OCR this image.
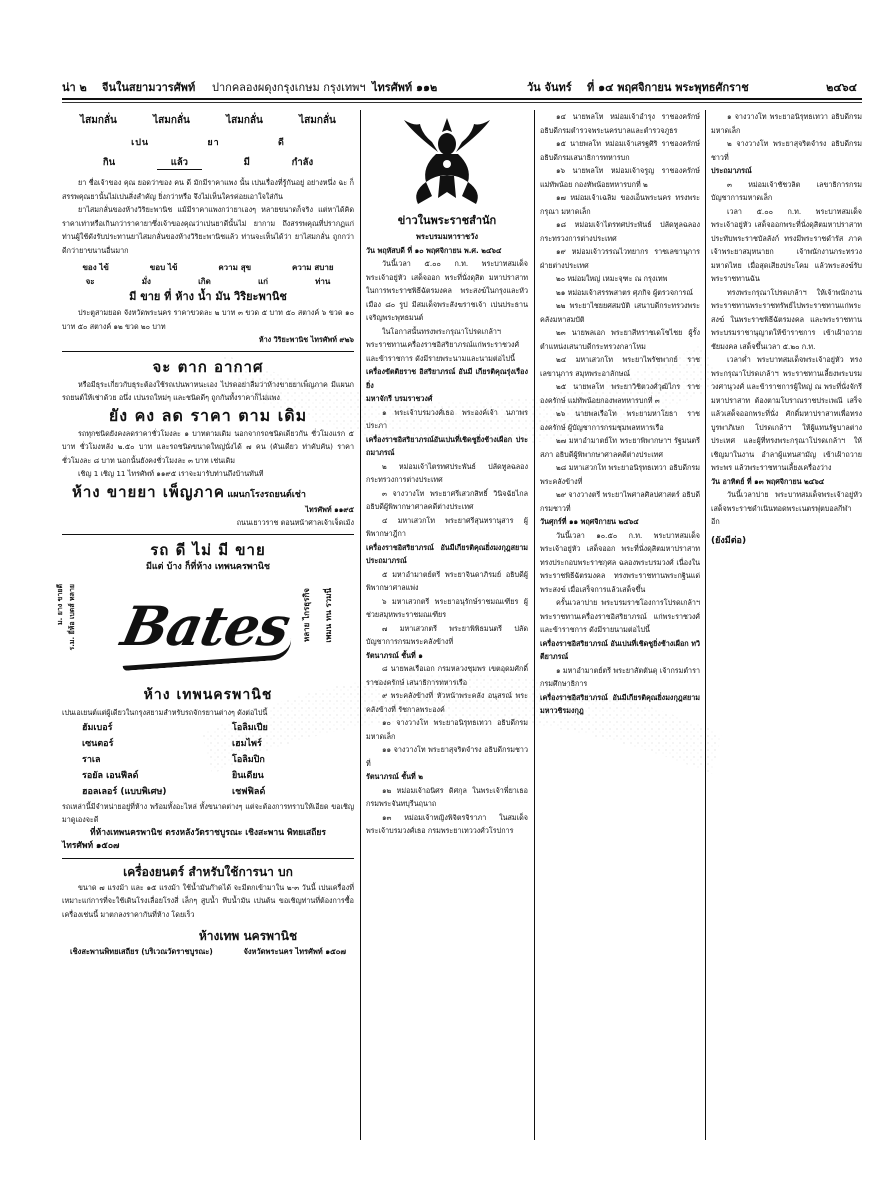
น่า ๒	จีนในสยามวารศัพท์	ปากคลองผดุงกรุงเกษม กรุงเทพฯ ไทรศัพท์ ๑๑๒	วัน จันทร์	ที่ ๑๔ พฤศจิกายน พระพุทธศักราช	๒๔๖๔
ไสมกลั่น	ไสมกลั่น	ไสมกลั่น	ไสมกลั่น
เปน	ยา	ดี
กิน	แล้ว	มี	กำลัง

ยา ชื่อเจ้าของ คุณ ยอดว่าของ คน ดี มักมีราคาแพง นั้น เปนเรื่องที่รู้กันอยู่ อย่างหนึ่ง ฉะ ก็สรรพคุณยานั้นไม่เปนสิ่งสำคัญ ยิ่งกว่าหรือ จึงไม่เห็นใครค่อยเอาใจใส่กัน

ยาไสมกลั่นของห้างวิริยะพานิช แม้มีราคาแพงกว่ายาเองๆ หลายขนาดก็จริง แต่หาได้คิดราคาเท่าหรือเกินกว่าราคายาซึ่งเจ้าของคุณว่าเปนยาดีนั้นไม่ ยากาม ถึงสรรพคุณที่ปรากฏแก่ท่านผู้ใช้ดังรับประทานยาไสมกลั่นของห้างวิริยะพานิชแล้ว ท่านจะเห็นได้ว่า ยาไสมกลั่น ถูกกว่า ดีกว่ายาขนานอื่นมาก

ของ ไข้	ขอบ ไข้	ความ สุข	ความ สบาย
จะ	มั่ง	เกิด	แก่	ท่าน
มี ขาย ที่ ห้าง น้ำ มัน วิริยะพานิช

ประตูสามยอด จังหวัดพระนคร ราคาขวดละ ๒ บาท ๓ ขวด ๕ บาท ๕๐ สตางค์ ๖ ขวด ๑๐ บาท ๕๐ สตางค์ ๑๒ ขวด ๒๐ บาท

ห้าง วิริยะพานิช ไทรศัพท์ ๙๒๖
จะ ตาก อากาศ

หรือมีธุระเกี่ยวกับธุระต้องใช้รถเปนพาหนะเอง ไปรดอย่าลืมว่าห้างขายยาเพ็ญภาค มีแผนกรถยนต์ให้เช่าด้วย อนึ่ง เปนรถใหม่ๆ และชนิดดีๆ ถูกกันทั้งราคาก็ไม่แพง

ยัง คง ลด ราคา ตาม เดิม

รถทุกชนิดยังคงลดราคาชั่วโมงละ ๑ บาทตามเดิม นอกจากรถชนิดเดียวกัน ชั่วโมงแรก ๕ บาท ชั่วโมงหลัง ๒.๕๐ บาท และรถชนิดขนาดใหญ่นั่งได้ ๗ คน (คันเดียว ท่าคับคัน) ราคาชั่วโมงละ ๘ บาท นอกนั้นยังคงชั่วโมงละ ๓ บาท เช่นเดิม

เชิญ 1 เชิญ 11 ไทรศัพท์ ๑๑๙๕ เราจะมารับท่านถึงบ้านทันที

ห้าง ขายยา เพ็ญภาค แผนกโรงรถยนต์เช่า
ไทรศัพท์ ๑๑๙๕
ถนนเยาวราช ตอนหน้าศาลเจ้าเจ็ดเม้ง
รถ ดี ไม่ มี ขาย
มีแต่ บ้าง ก็ที่ห้าง เทพนครพานิช
ม. ยาง ขายดี ร.ม. ยี่ห้อ เบตส์ หลาย Bates หลาย ไกรธุรกิจ เพมน ทน รวมนี่
ห้าง เทพนครพานิช

เปนเอเยนต์แต่ผู้เดียวในกรุงสยามสำหรับรถจักรยานต่างๆ ดังต่อไปนี้

ฮัมเบอร์	โอลิมเปีย
เซนตอร์	เฮมไพร์
ราเล	โอลิมปิก
รอยัล เอนฟีลด์	ยินเดียน
ฮอลเลอร์ (แบบพิเศษ)	เชฟฟิลด์

รถเหล่านี้มีจำหน่ายอยู่ที่ห้าง พร้อมทั้งอะไหล่ ทั้งขนาดต่างๆ แต่จะต้องการทราบให้เอียด ขอเชิญมาดูเองจะดี

ที่ห้างเทพนครพานิช ตรงหลังวัดราชบูรณะ เชิงสะพาน พิทยเสถียร
ไทรศัพท์ ๑๕๐๗
เครื่องยนตร์ สำหรับใช้การนา บก

ขนาด ๗ แรงม้า และ ๑๕ แรงม้า ใช้น้ำมันก๊าดได้ จะมีตกเข้ามาใน ๒-๓ วันนี้ เปนเครื่องที่เหมาะแก่การที่จะใช้เดินโรงเลื่อยโรงสี่ เล็กๆ สูบน้ำ ทีบน้ำมัน เปนต้น ขอเชิญท่านที่ต้องการซื้อเครื่องเช่นนี้ มาตกลงราคากันที่ห้าง โดยเร็ว

ห้างเทพ นครพานิช
เชิงสะพานพิทยเสถียร (บริเวณวัดราชบูรณะ)	จังหวัดพระนคร ไทรศัพท์ ๑๕๐๗
ข่าวในพระราชสำนัก
พระบรมมหาราชวัง

วัน พฤหัสบดี ที่ ๑๐ พฤศจิกายน พ.ศ. ๒๔๖๔

วันนี้เวลา ๕.๐๐ ก.ท. พระบาทสมเด็จพระเจ้าอยู่หัว เสด็จออก พระที่นั่งดุสิต มหาปราสาท ในการพระราชพิธีฉัตรมงคล พระสงฆ์ในกรุงและหัวเมือง ๘๐ รูป มีสมเด็จพระสังฆราชเจ้า เปนประธานเจริญพระพุทธมนต์

ในโอกาสนั้นทรงพระกรุณาโปรดเกล้าฯ พระราชทานเครื่องราชอิสริยาภรณ์แก่พระราชวงศ์ และข้าราชการ ดังมีรายพระนามและนามต่อไปนี้

เครื่องขัตติยราช อิสริยาภรณ์ อันมี เกียรติคุณรุ่งเรืองยิ่ง

มหาจักรี บรมราชวงศ์

๑ พระเจ้าบรมวงศ์เธอ พระองค์เจ้า นภาพร ประภา

เครื่องราชอิสริยาภรณ์อันเปนที่เชิดชูยิ่งช้างเผือก ประถมาภรณ์

๒ หม่อมเจ้าไตรทศประพันธ์ ปลัดทูลฉลอง กระทรวงการต่างประเทศ

๓ จางวางโท พระยาศรีเสวกสิทธิ์ วินิจฉัยไกล อธิบดีผู้พิพากษาศาลคดีต่างประเทศ

๔ มหาเสวกโท พระยาศรีสุนทรานุสาร ผู้พิพากษาฎีกา

เครื่องราชอิสริยาภรณ์ อันมีเกียรติคุณยิ่งมงกุฎสยาม ประถมาภรณ์

๕ มหาอำมาตย์ตรี พระยาจินดาภิรมย์ อธิบดีผู้พิพากษาศาลแพ่ง

๖ มหาเสวกตรี พระยาอนุรักษ์ราชมณเฑียร ผู้ช่วยสมุหพระราชมณเฑียร

๗ มหาเสวกตรี พระยาพิพิธมนตรี ปลัดบัญชาการกรมพระคลังข้างที่

รัตนาภรณ์ ชั้นที่ ๑

๘ นายพลเรือเอก กรมหลวงชุมพร เขตอุดมศักดิ์ ราชองครักษ์ เสนาธิการทหารเรือ

๙ พระคลังข้างที่ หัวหน้าพระคลัง อนุสรณ์ พระคลังข้างที่ รัชกาลพระองค์

๑๐ จางวางโท พระยาอนิรุทธเทวา อธิบดีกรมมหาดเล็ก

๑๑ จางวางโท พระยาสุจริตจำรง อธิบดีกรมชาวที่

รัตนาภรณ์ ชั้นที่ ๒

๑๒ หม่อมเจ้าอนิศร ดิศกุล ในพระเจ้าพี่ยาเธอ กรมพระจันทบุรีนฤนาถ

๑๓ หม่อมเจ้าหญิงพิจิตรจิราภา ในสมเด็จพระเจ้าบรมวงศ์เธอ กรมพระยาเทววงศ์วโรปการ

๑๔ นายพลโท หม่อมเจ้าอำรุง ราชองครักษ์ อธิบดีกรมตำรวจพระนครบาลและตำรวจภูธร

๑๕ นายพลโท หม่อมเจ้าเสรฐศิริ ราชองครักษ์ อธิบดีกรมเสนาธิการทหารบก

๑๖ นายพลโท หม่อมเจ้าจรูญ ราชองครักษ์ แม่ทัพน้อย กองทัพน้อยทหารบกที่ ๒

๑๗ หม่อมเจ้าเฉลิม ของเอ็นพระนคร ทรงพระกรุณา มหาดเล็ก

๑๘ หม่อมเจ้าไตรทศประพันธ์ ปลัดทูลฉลองกระทรวงการต่างประเทศ

๑๙ หม่อมเจ้าวรรณไวทยากร ราชเลขานุการ ฝ่ายต่างประเทศ

๒๐ หม่อมใหญ่ เหมะจุฑะ ณ กรุงเทพ

๒๑ หม่อมเจ้าสรรพสาตร ศุภกิจ ผู้ตรวจการณ์

๒๒ พระยาไชยยศสมบัติ เสนาบดีกระทรวงพระคลังมหาสมบัติ

๒๓ นายพลเอก พระยาสีหราชเดโชไชย ผู้รั้งตำแหน่งเสนาบดีกระทรวงกลาโหม

๒๔ มหาเสวกโท พระยาไพรัชพากย์ ราชเลขานุการ สมุหพระอาลักษณ์

๒๕ นายพลโท พระยาวิชิตวงศ์วุฒิไกร ราชองครักษ์ แม่ทัพน้อยกองพลทหารบกที่ ๓

๒๖ นายพลเรือโท พระยามหาโยธา ราชองครักษ์ ผู้บัญชาการกรมชุมพลทหารเรือ

๒๗ มหาอำมาตย์โท พระยาพิพากษาฯ รัฐมนตรีสภา อธิบดีผู้พิพากษาศาลคดีต่างประเทศ

๒๘ มหาเสวกโท พระยาอนิรุทธเทวา อธิบดีกรมพระคลังข้างที่

๒๙ จางวางตรี พระยาไพศาลศิลปศาสตร์ อธิบดีกรมชาวที่

วันศุกร์ที่ ๑๑ พฤศจิกายน ๒๔๖๔

วันนี้เวลา ๑๐.๕๐ ก.ท. พระบาทสมเด็จพระเจ้าอยู่หัว เสด็จออก พระที่นั่งดุสิตมหาปราสาท ทรงประกอบพระราชกุศล ฉลองพระบรมวงศ์ เนื่องในพระราชพิธีฉัตรมงคล ทรงพระราชทานพระกฐินแด่พระสงฆ์ เมื่อเสร็จการแล้วเสด็จขึ้น

ครั้นเวลาบ่าย พระบรมราชโองการโปรดเกล้าฯ พระราชทานเครื่องราชอิสริยาภรณ์ แก่พระราชวงศ์ และข้าราชการ ดังมีรายนามต่อไปนี้

เครื่องราชอิสริยาภรณ์ อันเปนที่เชิดชูยิ่งช้างเผือก ทวิตียาภรณ์

๑ มหาอำมาตย์ตรี พระยาสัตตันดุ เจ้ากรมตำรากรมศึกษาธิการ

เครื่องราชอิสริยาภรณ์ อันมีเกียรติคุณยิ่งมงกุฎสยาม มหาวชิรมงกุฎ

๑ จางวางโท พระยาอนิรุทธเทวา อธิบดีกรมมหาดเล็ก

๒ จางวางโท พระยาสุจริตจำรง อธิบดีกรมชาวที่

ประถมาภรณ์

๓ หม่อมเจ้าชัชวลิต เลขาธิการกรมบัญชาการมหาดเล็ก

เวลา ๕.๐๐ ก.ท. พระบาทสมเด็จพระเจ้าอยู่หัว เสด็จออกพระที่นั่งดุสิตมหาปราสาท ประทับพระราชบัลลังก์ ทรงมีพระราชดำรัส ภาคเจ้าพระยาสมุหนายก เจ้าพนักงานกระทรวงมหาดไทย เมื่อสุดเสียงประโคม แล้วพระสงฆ์รับพระราชทานฉัน

ทรงพระกรุณาโปรดเกล้าฯ ให้เจ้าพนักงานพระราชทานพระราชทรัพย์ไปพระราชทานแก่พระสงฆ์ ในพระราชพิธีฉัตรมงคล และพระราชทานพระบรมราชานุญาตให้ข้าราชการ เข้าเฝ้าถวายชัยมงคล เสด็จขึ้นเวลา ๕.๒๐ ก.ท.

เวลาค่ำ พระบาทสมเด็จพระเจ้าอยู่หัว ทรงพระกรุณาโปรดเกล้าฯ พระราชทานเลี้ยงพระบรมวงศานุวงศ์ และข้าราชการผู้ใหญ่ ณ พระที่นั่งจักรีมหาปราสาท ต้องตามโบราณราชประเพณี เสร็จแล้วเสด็จออกพระที่นั่ง ศักดิ์มหาปราสาทเพื่อทรงบูรพาภิเษก โปรดเกล้าฯ ให้ผู้แทนรัฐบาลต่างประเทศ และผู้ที่ทรงพระกรุณาโปรดเกล้าฯ ให้เชิญมาในงาน อำลาผู้แทนสามัญ เข้าเฝ้าถวายพระพร แล้วพระราชทานเลี้ยงเครื่องว่าง

วัน อาทิตย์ ที่ ๑๓ พฤศจิกายน ๒๔๖๔

วันนี้เวลาบ่าย พระบาทสมเด็จพระเจ้าอยู่หัว เสด็จพระราชดำเนินทอดพระเนตรฟุตบอลกีฬา อีก

(ยังมีต่อ)
